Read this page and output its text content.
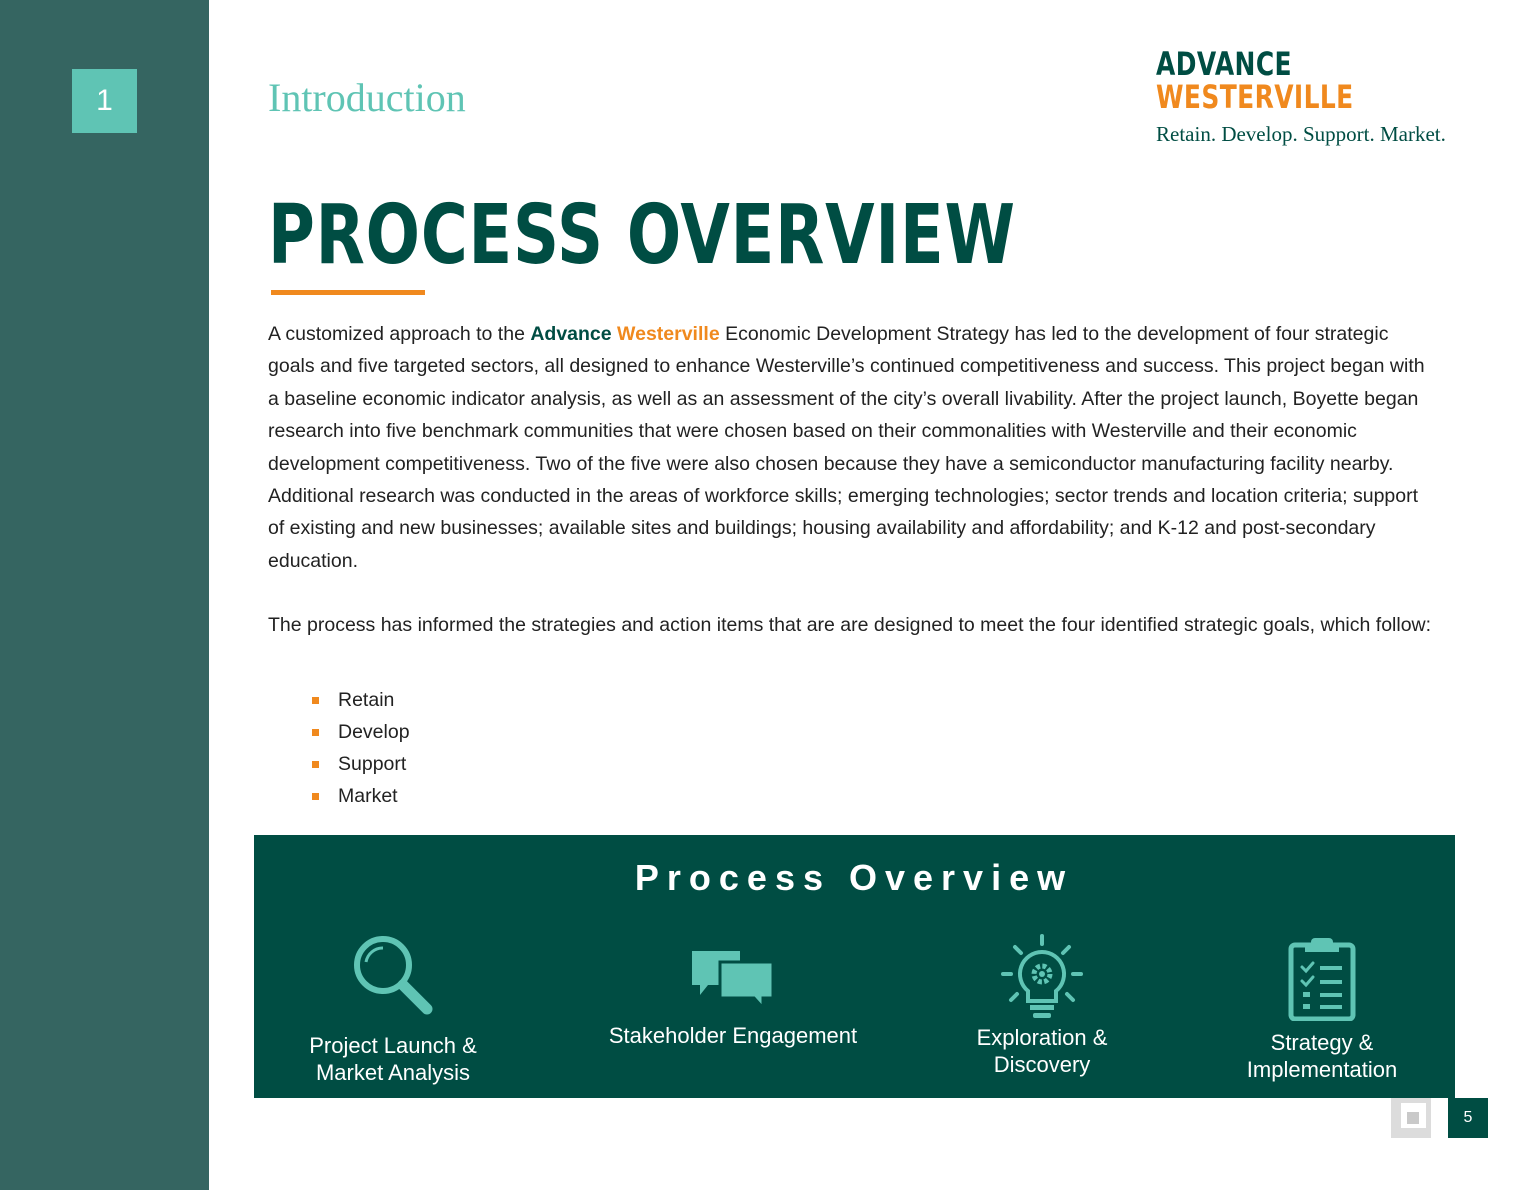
1	Introduction
ADVANCE
WESTERVILLE
Retain. Develop. Support. Market.
PROCESS OVERVIEW

A customized approach to the Advance Westerville Economic Development Strategy has led to the development of four strategic goals and five targeted sectors, all designed to enhance Westerville’s continued competitiveness and success. This project began with a baseline economic indicator analysis, as well as an assessment of the city’s overall livability. After the project launch, Boyette began research into five benchmark communities that were chosen based on their commonalities with Westerville and their economic development competitiveness. Two of the five were also chosen because they have a semiconductor manufacturing facility nearby. Additional research was conducted in the areas of workforce skills; emerging technologies; sector trends and location criteria; support of existing and new businesses; available sites and buildings; housing availability and affordability; and K-12 and post-secondary education.

The process has informed the strategies and action items that are are designed to meet the four identified strategic goals, which follow:

Retain
Develop
Support
Market
Process Overview
Project Launch &
Market Analysis
Stakeholder Engagement	Exploration &
Discovery
Strategy &
Implementation
5
